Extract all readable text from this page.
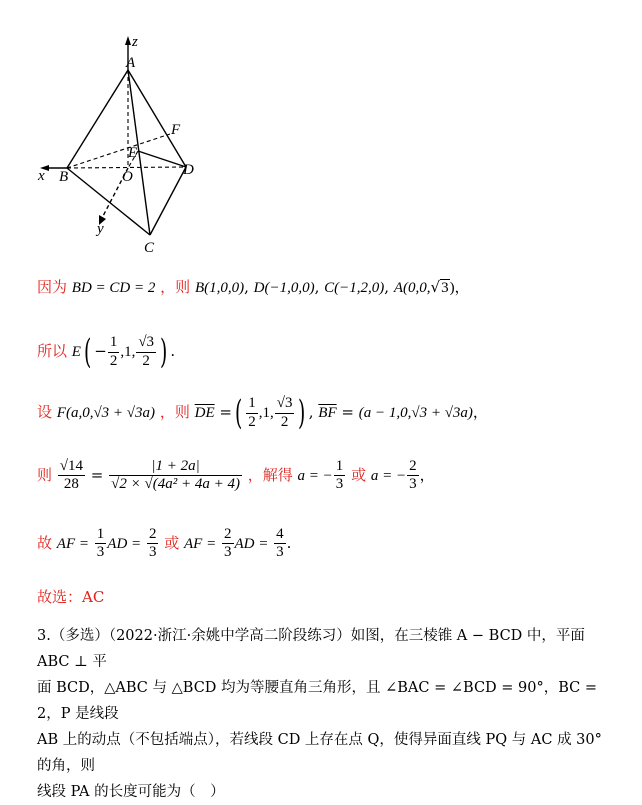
z
A
F
E
D
B
x	O
y
C
因为 BD = CD = 2 ，则 B(1,0,0), D(−1,0,0), C(−1,2,0), A(0,0,√3)，
所以 $E( - \frac{1}{2} ,1$, $\frac{√3}{2}$ ) .
设 F(a,0,√3 + √3a) ，则 $\overline{DE}$ =( $\frac{1}{2} ,1$, $\frac{√3}{2}$ ) , $\overline{BF} = (a - 1,0,√3 + √3a)$，
则 $\frac{√14}{28} = \frac{|1 + 2a|}{\text{√2 × √(4a² + 4a + 4)}}$ ，解得 a = − $\frac{1}{3}$ 或 a = − $\frac{2}{3}$ ，
故 AF = $\frac{1}{3}$ AD = $\frac{2}{3}$ 或 AF = $\frac{2}{3}$ AD = $\frac{4}{3}$ .
故选：AC
3.（多选）（2022·浙江·余姚中学高二阶段练习）如图，在三棱锥 A − BCD 中，平面 ABC ⊥ 平
面 BCD，△ABC 与 △BCD 均为等腰直角三角形，且 ∠BAC = ∠BCD = 90°，BC = 2，P 是线段
AB 上的动点（不包括端点），若线段 CD 上存在点 Q，使得异面直线 PQ 与 AC 成 30° 的角，则
线段 PA 的长度可能为（　）
